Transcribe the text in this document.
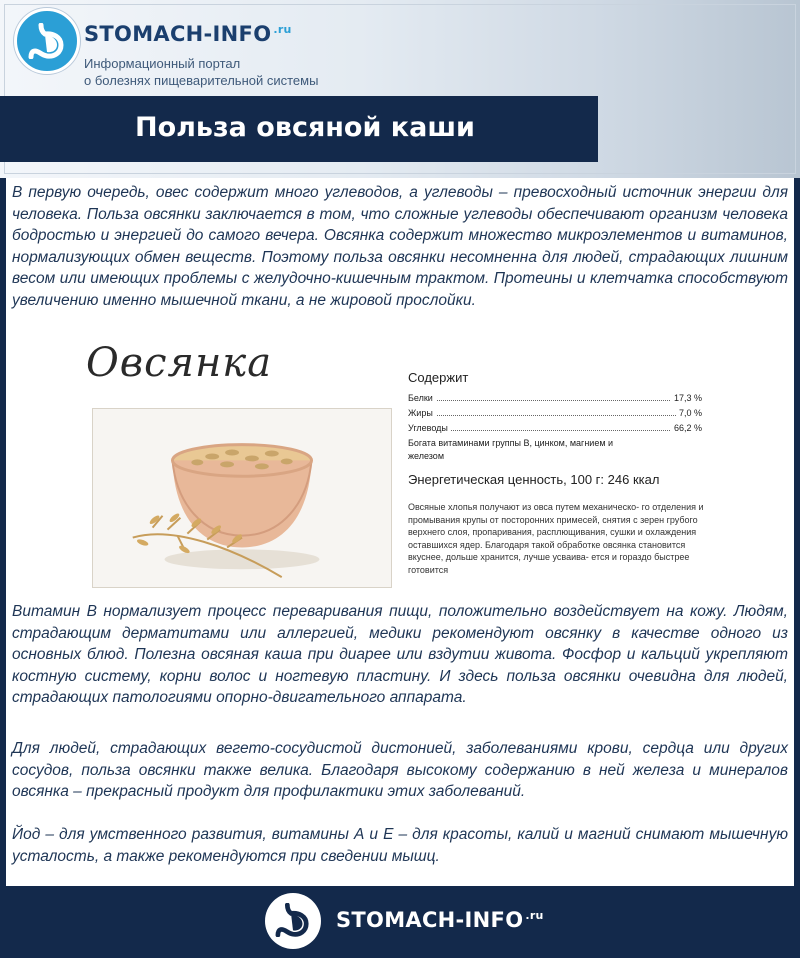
STOMACH-INFO $^{.ru}$
Информационный портал
о болезнях пищеварительной системы
Польза овсяной каши

В первую очередь, овес содержит много углеводов, а углеводы – превосходный источник энергии для человека. Польза овсянки заключается в том, что сложные углеводы обеспечивают организм человека бодростью и энергией до самого вечера. Овсянка содержит множество микроэлементов и витаминов, нормализующих обмен веществ. Поэтому польза овсянки несомненна для людей, страдающих лишним весом или имеющих проблемы с желудочно-кишечным трактом. Протеины и клетчатка способствуют увеличению именно мышечной ткани, а не жировой прослойки.

Овсянка	Содержит
Белки	17,3 %
Жиры	7,0 %
Углеводы	66,2 %
Богата витаминами группы В, цинком, магнием и железом
Энергетическая ценность, 100 г: 246 ккал
Овсяные хлопья получают из овса путем механическо- го отделения и промывания крупы от посторонних примесей, снятия с зерен грубого верхнего слоя, пропаривания, расплющивания, сушки и охлаждения оставшихся ядер. Благодаря такой обработке овсянка становится вкуснее, дольше хранится, лучше усваива- ется и гораздо быстрее готовится

Витамин В нормализует процесс переваривания пищи, положительно воздействует на кожу. Людям, страдающим дерматитами или аллергией, медики рекомендуют овсянку в качестве одного из основных блюд. Полезна овсяная каша при диарее или вздутии живота. Фосфор и кальций укрепляют костную систему, корни волос и ногтевую пластину. И здесь польза овсянки очевидна для людей, страдающих патологиями опорно-двигательного аппарата.

Для людей, страдающих вегето-сосудистой дистонией, заболеваниями крови, сердца или других сосудов, польза овсянки также велика. Благодаря высокому содержанию в ней железа и минералов овсянка – прекрасный продукт для профилактики этих заболеваний.

Йод – для умственного развития, витамины А и Е – для красоты, калий и магний снимают мышечную усталость, а также рекомендуются при сведении мышц.

STOMACH-INFO $^{.ru}$
